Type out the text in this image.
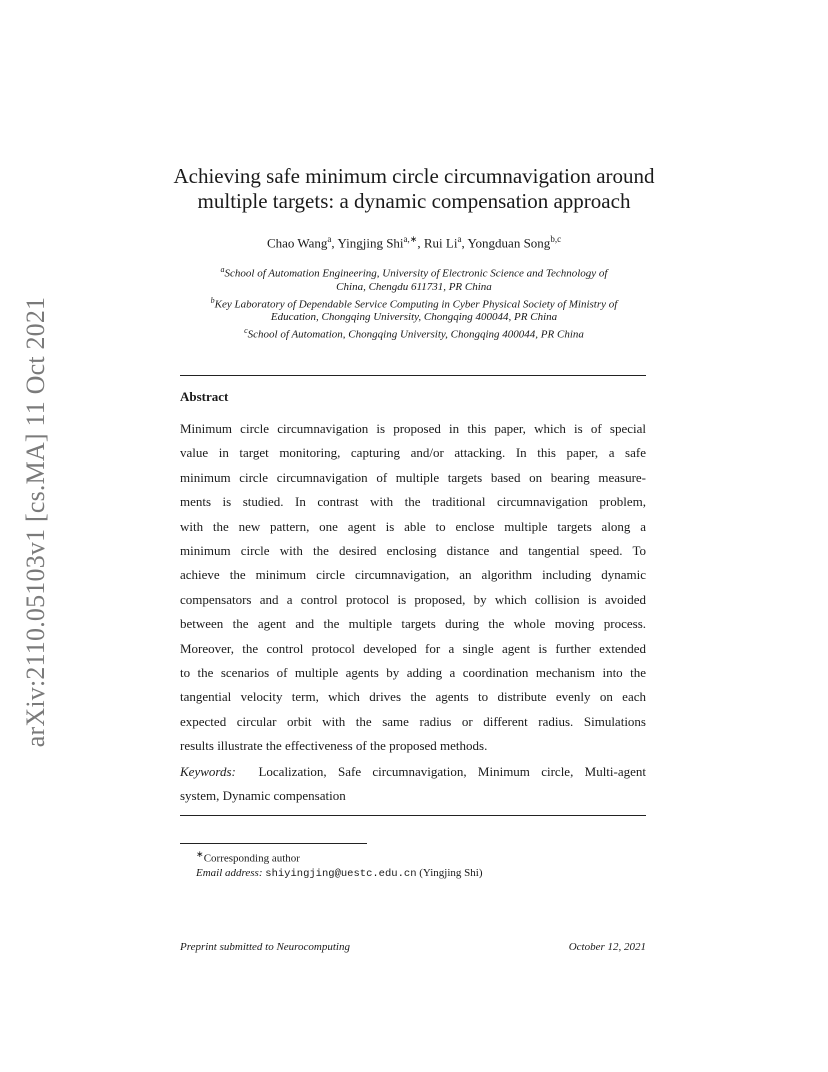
arXiv:2110.05103v1 [cs.MA] 11 Oct 2021
Achieving safe minimum circle circumnavigation around
multiple targets: a dynamic compensation approach
Chao Wang$^a$, Yingjing Shi$^{a,∗}$, Rui Li$^a$, Yongduan Song$^{b,c}$
$^a$School of Automation Engineering, University of Electronic Science and Technology of
China, Chengdu 611731, PR China
$^b$Key Laboratory of Dependable Service Computing in Cyber Physical Society of Ministry of
Education, Chongqing University, Chongqing 400044, PR China
$^c$School of Automation, Chongqing University, Chongqing 400044, PR China
Abstract
Minimum circle circumnavigation is proposed in this paper, which is of special
value in target monitoring, capturing and/or attacking. In this paper, a safe
minimum circle circumnavigation of multiple targets based on bearing measure-
ments is studied. In contrast with the traditional circumnavigation problem,
with the new pattern, one agent is able to enclose multiple targets along a
minimum circle with the desired enclosing distance and tangential speed. To
achieve the minimum circle circumnavigation, an algorithm including dynamic
compensators and a control protocol is proposed, by which collision is avoided
between the agent and the multiple targets during the whole moving process.
Moreover, the control protocol developed for a single agent is further extended
to the scenarios of multiple agents by adding a coordination mechanism into the
tangential velocity term, which drives the agents to distribute evenly on each
expected circular orbit with the same radius or different radius. Simulations
results illustrate the effectiveness of the proposed methods.
Keywords: Localization, Safe circumnavigation, Minimum circle, Multi-agent
system, Dynamic compensation
∗Corresponding author
Email address: shiyingjing@uestc.edu.cn (Yingjing Shi)
Preprint submitted to Neurocomputing	October 12, 2021
